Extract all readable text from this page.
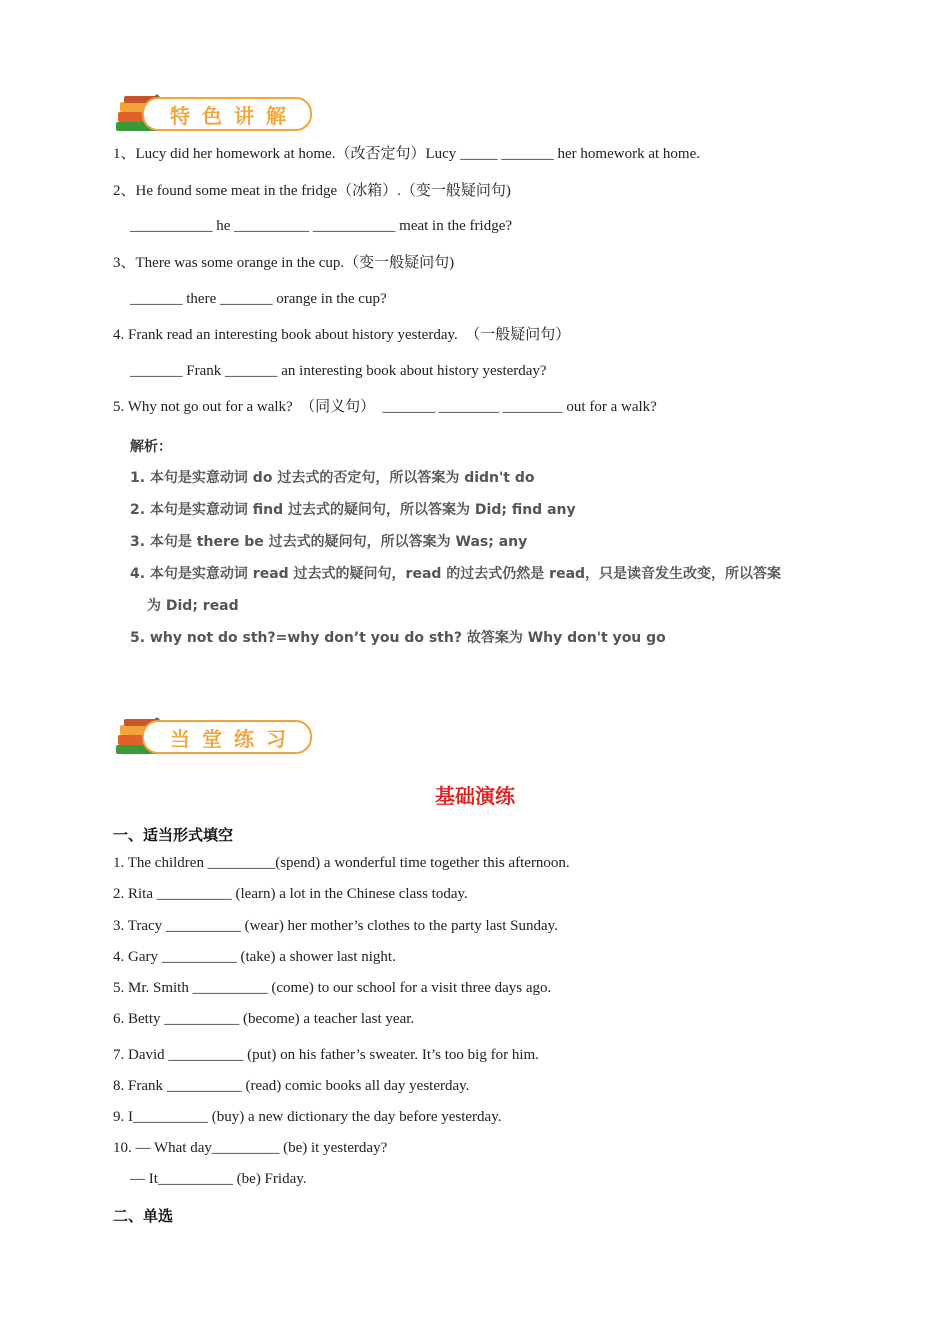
特色讲解
1、Lucy did her homework at home.（改否定句）Lucy _____ _______ her homework at home.
2、He found some meat in the fridge（冰箱）.（变一般疑问句)
___________ he __________ ___________ meat in the fridge?
3、There was some orange in the cup.（变一般疑问句)
_______ there _______ orange in the cup?
4. Frank read an interesting book about history yesterday.　（一般疑问句）
_______ Frank _______ an interesting book about history yesterday?
5. Why not go out for a walk?　（同义句）　_______ ________ ________ out for a walk?
解析：
1. 本句是实意动词 do 过去式的否定句，所以答案为 didn't do
2. 本句是实意动词 find 过去式的疑问句，所以答案为 Did; find any
3. 本句是 there be 过去式的疑问句，所以答案为 Was; any
4. 本句是实意动词 read 过去式的疑问句，read 的过去式仍然是 read，只是读音发生改变，所以答案
为 Did; read
5. why not do sth?=why don’t you do sth? 故答案为 Why don't you go
当堂练习
基础演练
一、适当形式填空
1. The children _________(spend) a wonderful time together this afternoon.
2. Rita __________ (learn) a lot in the Chinese class today.
3. Tracy __________ (wear) her mother’s clothes to the party last Sunday.
4. Gary __________ (take) a shower last night.
5. Mr. Smith __________ (come) to our school for a visit three days ago.
6. Betty __________ (become) a teacher last year.
7. David __________ (put) on his father’s sweater. It’s too big for him.
8. Frank __________ (read) comic books all day yesterday.
9. I__________ (buy) a new dictionary the day before yesterday.
10. — What day_________ (be) it yesterday?
— It__________ (be) Friday.
二、单选
